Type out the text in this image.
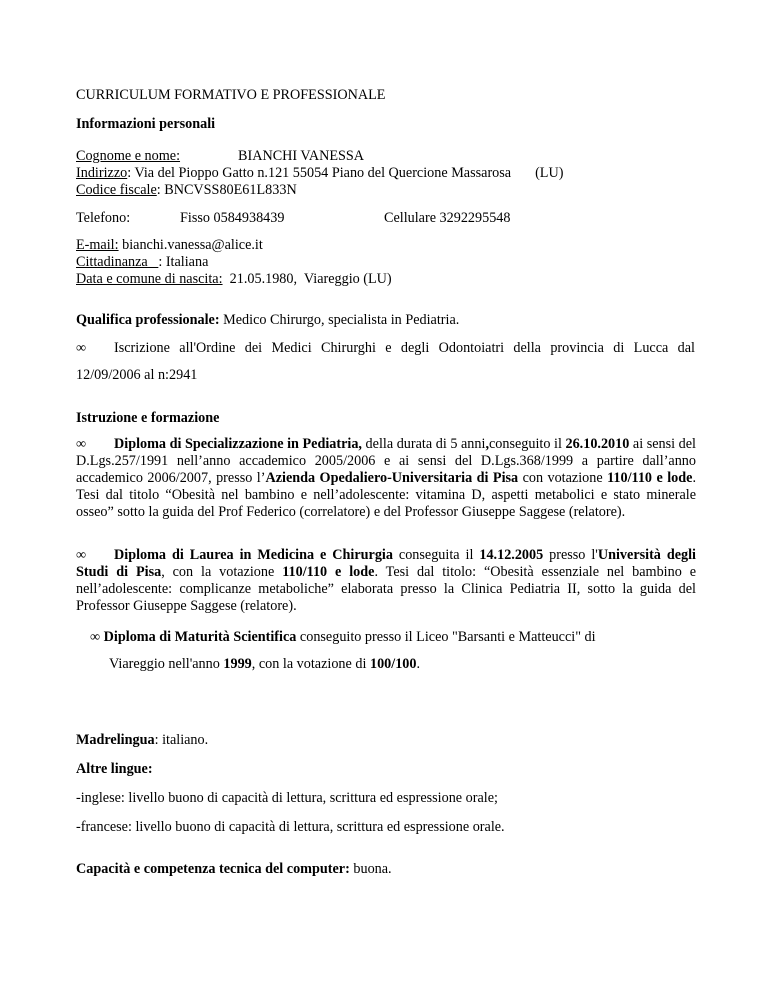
CURRICULUM FORMATIVO E PROFESSIONALE
Informazioni personali
Cognome e nome:	BIANCHI VANESSA
Indirizzo: Via del Pioppo Gatto n.121 55054 Piano del Quercione Massarosa (LU)
Codice fiscale: BNCVSS80E61L833N
Telefono:	Fisso 0584938439	Cellulare 3292295548
E-mail: bianchi.vanessa@alice.it
Cittadinanza   : Italiana
Data e comune di nascita:  21.05.1980,  Viareggio (LU)
Qualifica professionale: Medico Chirurgo, specialista in Pediatria.
∞ Iscrizione all'Ordine dei Medici Chirurghi e degli Odontoiatri della provincia di Lucca dal
12/09/2006 al n:2941
Istruzione e formazione
∞ Diploma di Specializzazione in Pediatria, della durata di 5 anni,conseguito il 26.10.2010 ai sensi del D.Lgs.257/1991 nell’anno accademico 2005/2006 e ai sensi del D.Lgs.368/1999 a partire dall’anno accademico 2006/2007, presso l’Azienda Opedaliero-Universitaria di Pisa con votazione 110/110 e lode. Tesi dal titolo “Obesità nel bambino e nell’adolescente: vitamina D, aspetti metabolici e stato minerale osseo” sotto la guida del Prof Federico (correlatore) e del Professor Giuseppe Saggese (relatore).
∞ Diploma di Laurea in Medicina e Chirurgia conseguita il 14.12.2005 presso l'Università degli Studi di Pisa, con la votazione 110/110 e lode. Tesi dal titolo: “Obesità essenziale nel bambino e nell’adolescente: complicanze metaboliche” elaborata presso la Clinica Pediatria II, sotto la guida del Professor Giuseppe Saggese (relatore).
∞ Diploma di Maturità Scientifica conseguito presso il Liceo "Barsanti e Matteucci" di
Viareggio nell'anno 1999, con la votazione di 100/100.
Madrelingua: italiano.
Altre lingue:
-inglese: livello buono di capacità di lettura, scrittura ed espressione orale;
-francese: livello buono di capacità di lettura, scrittura ed espressione orale.
Capacità e competenza tecnica del computer: buona.
